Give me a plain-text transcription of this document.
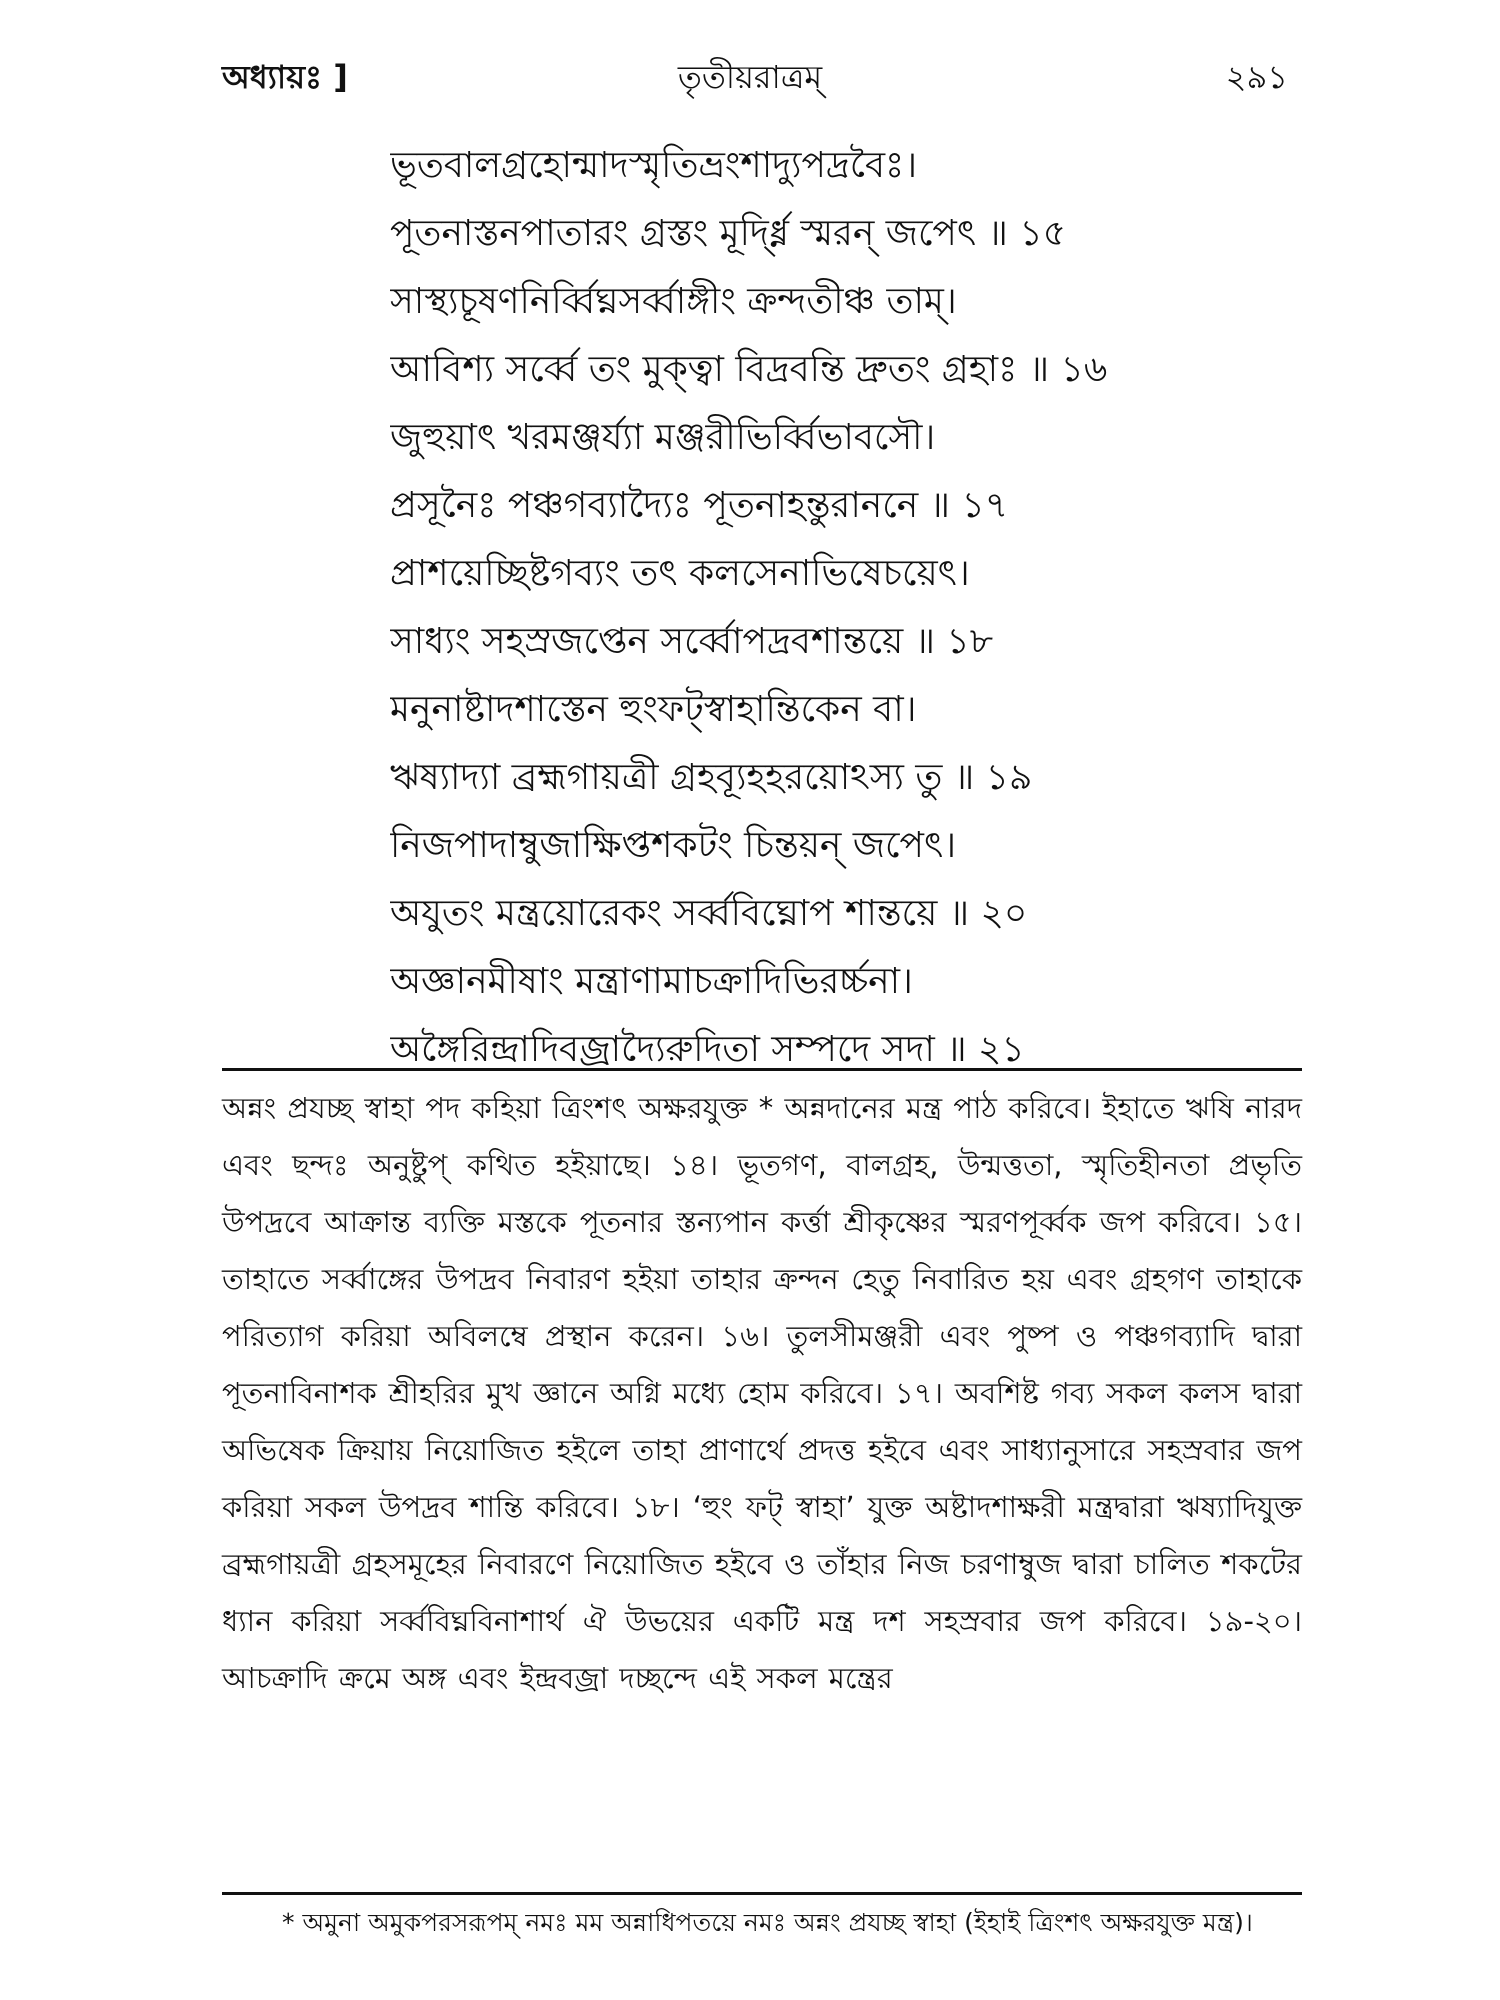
অধ্যায়ঃ ]	তৃতীয়রাত্রম্‌	২৯১
ভূতবালগ্রহোন্মাদস্মৃতিভ্রংশাদ্যুপদ্রবৈঃ।
পূতনাস্তনপাতারং গ্রস্তং মূর্দ্ধ্নি স্মরন্‌ জপেৎ ॥ ১৫
সাস্থ্যচূষণনির্ব্বিঘ্নসর্ব্বাঙ্গীং ক্রন্দতীঞ্চ তাম্‌।
আবিশ্য সর্ব্বে তং মুক্ত্বা বিদ্রবন্তি দ্রুতং গ্রহাঃ ॥ ১৬
জুহুয়াৎ খরমঞ্জর্য্যা মঞ্জরীভির্ব্বিভাবসৌ।
প্রসূনৈঃ পঞ্চগব্যাদ্যৈঃ পূতনাহন্তুরাননে ॥ ১৭
প্রাশয়েচ্ছিষ্টগব্যং তৎ কলসেনাভিষেচয়েৎ।
সাধ্যং সহস্রজপ্তেন সর্ব্বোপদ্রবশান্তয়ে ॥ ১৮
মনুনাষ্টাদশাস্তেন হুংফট্‌স্বাহান্তিকেন বা।
ঋষ্যাদ্যা ব্রহ্মগায়ত্রী গ্রহব্যূহহরয়োঽস্য তু ॥ ১৯
নিজপাদাম্বুজাক্ষিপ্তশকটং চিন্তয়ন্‌ জপেৎ।
অযুতং মন্ত্রয়োরেকং সর্ব্ববিঘ্নোপ শান্তয়ে ॥ ২০
অজ্ঞানমীষাং মন্ত্রাণামাচক্রাদিভিরর্চ্চনা।
অঙ্গৈরিন্দ্রাদিবজ্রাদ্যৈরুদিতা সম্পদে সদা ॥ ২১
অন্নং প্রযচ্ছ স্বাহা পদ কহিয়া ত্রিংশৎ অক্ষরযুক্ত * অন্নদানের মন্ত্র পাঠ করিবে। ইহাতে ঋষি নারদ এবং ছন্দঃ অনুষ্টুপ্‌ কথিত হইয়াছে। ১৪। ভূতগণ, বালগ্রহ, উন্মত্ততা, স্মৃতিহীনতা প্রভৃতি উপদ্রবে আক্রান্ত ব্যক্তি মস্তকে পূতনার স্তন্যপান কর্ত্তা শ্রীকৃষ্ণের স্মরণপূর্ব্বক জপ করিবে। ১৫। তাহাতে সর্ব্বাঙ্গের উপদ্রব নিবারণ হইয়া তাহার ক্রন্দন হেতু নিবারিত হয় এবং গ্রহগণ তাহাকে পরিত্যাগ করিয়া অবিলম্বে প্রস্থান করেন। ১৬। তুলসীমঞ্জরী এবং পুষ্প ও পঞ্চগব্যাদি দ্বারা পূতনাবিনাশক শ্রীহরির মুখ জ্ঞানে অগ্নি মধ্যে হোম করিবে। ১৭। অবশিষ্ট গব্য সকল কলস দ্বারা অভিষেক ক্রিয়ায় নিয়োজিত হইলে তাহা প্রাণার্থে প্রদত্ত হইবে এবং সাধ্যানুসারে সহস্রবার জপ করিয়া সকল উপদ্রব শান্তি করিবে। ১৮। ‘হুং ফট্‌ স্বাহা’ যুক্ত অষ্টাদশাক্ষরী মন্ত্রদ্বারা ঋষ্যাদিযুক্ত ব্রহ্মগায়ত্রী গ্রহসমূহের নিবারণে নিয়োজিত হইবে ও তাঁহার নিজ চরণাম্বুজ দ্বারা চালিত শকটের ধ্যান করিয়া সর্ব্ববিঘ্নবিনাশার্থ ঐ উভয়ের একটি মন্ত্র দশ সহস্রবার জপ করিবে। ১৯-২০। আচক্রাদি ক্রমে অঙ্গ এবং ইন্দ্রবজ্রা দচ্ছন্দে এই সকল মন্ত্রের
* অমুনা অমুকপরসরূপম্‌ নমঃ মম অন্নাধিপতয়ে নমঃ অন্নং প্রযচ্ছ স্বাহা (ইহাই ত্রিংশৎ অক্ষরযুক্ত মন্ত্র)।
